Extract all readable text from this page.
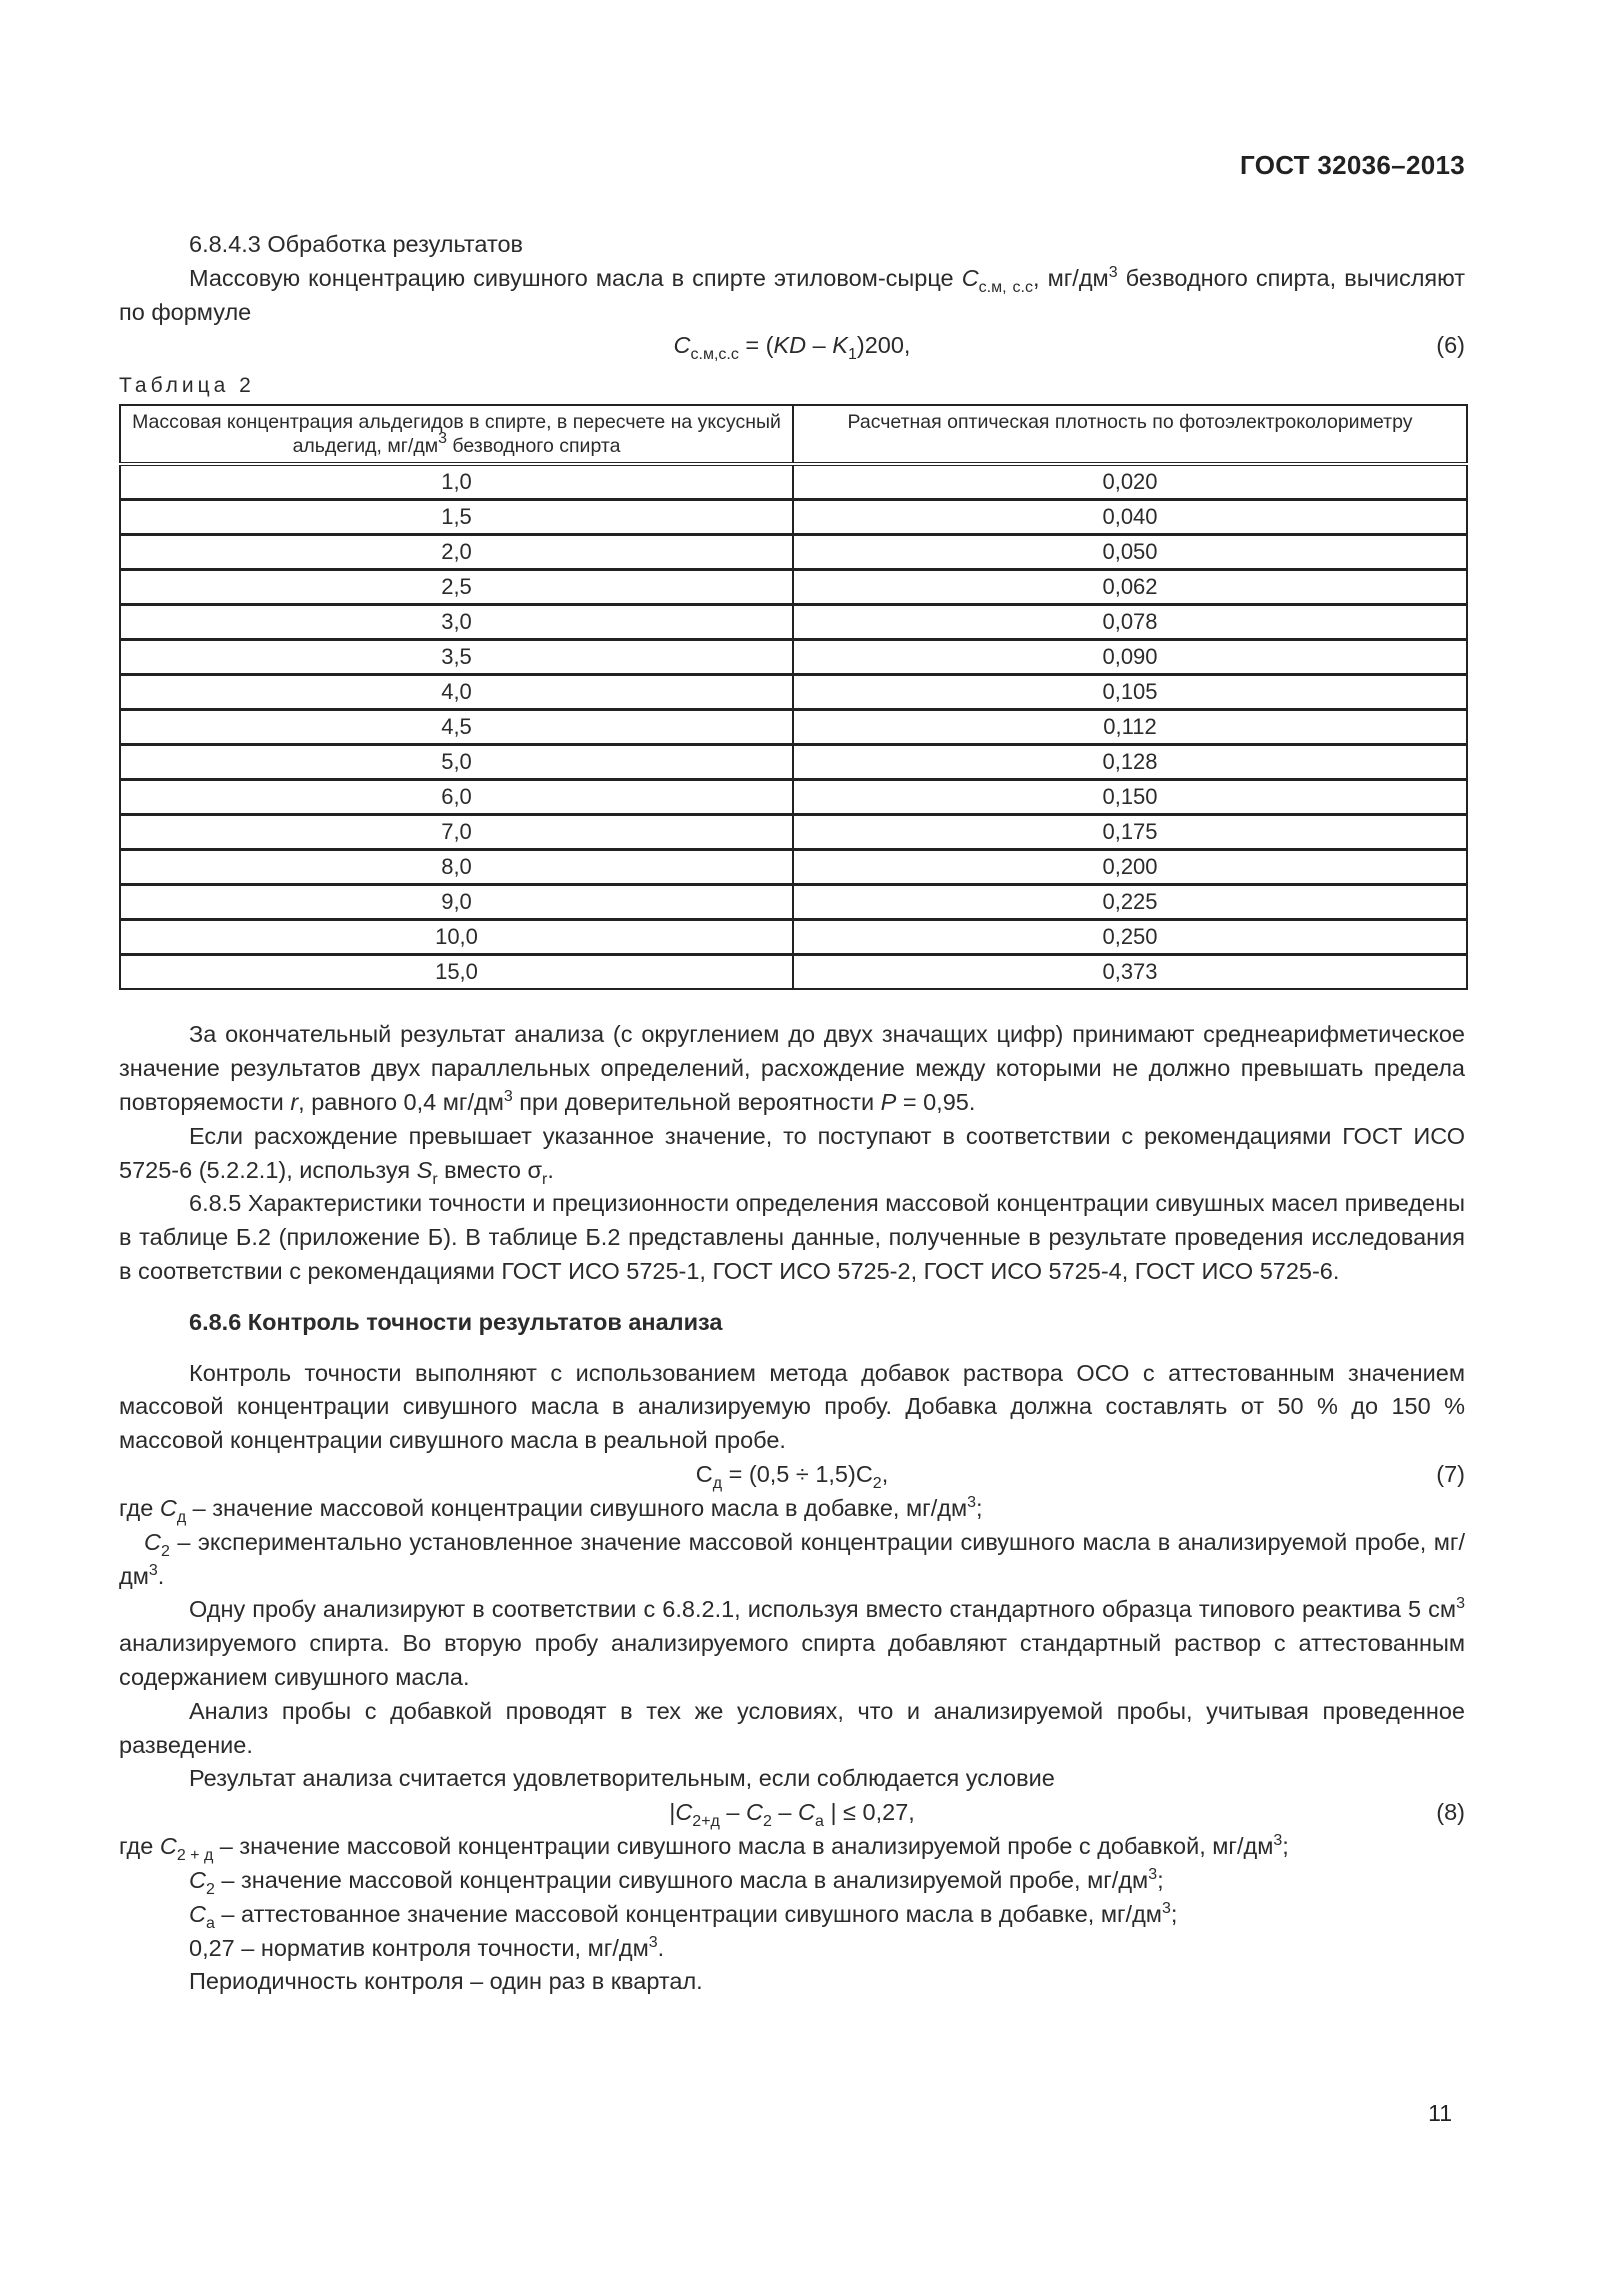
ГОСТ 32036–2013

6.8.4.3 Обработка результатов

Массовую концентрацию сивушного масла в спирте этиловом-сырце $C_{с.м, с.с}$, $мг/дм^3$ безводного спирта, вычисляют по формуле

$C_{с.м,с.с} = (KD - K_1)200$,	(6)
Таблица 2
Массовая концентрация альдегидов в спирте, в пересчете на уксусный альдегид, $мг/дм^3$ безводного спирта	Расчетная оптическая плотность по фотоэлектроколориметру
1,0	0,020
1,5	0,040
2,0	0,050
2,5	0,062
3,0	0,078
3,5	0,090
4,0	0,105
4,5	0,112
5,0	0,128
6,0	0,150
7,0	0,175
8,0	0,200
9,0	0,225
10,0	0,250
15,0	0,373

За окончательный результат анализа (с округлением до двух значащих цифр) принимают среднеарифметическое значение результатов двух параллельных определений, расхождение между которыми не должно превышать предела повторяемости r, равного 0,4 $мг/дм^3$ при доверительной вероятности P = 0,95.

Если расхождение превышает указанное значение, то поступают в соответствии с рекомендациями ГОСТ ИСО 5725-6 (5.2.2.1), используя $S_r$ вместо $\sigma_r$.

6.8.5 Характеристики точности и прецизионности определения массовой концентрации сивушных масел приведены в таблице Б.2 (приложение Б). В таблице Б.2 представлены данные, полученные в результате проведения исследования в соответствии с рекомендациями ГОСТ ИСО 5725-1, ГОСТ ИСО 5725-2, ГОСТ ИСО 5725-4, ГОСТ ИСО 5725-6.

6.8.6 Контроль точности результатов анализа

Контроль точности выполняют с использованием метода добавок раствора ОСО с аттестованным значением массовой концентрации сивушного масла в анализируемую пробу. Добавка должна составлять от 50 % до 150 % массовой концентрации сивушного масла в реальной пробе.

$C_д = (0,5 \div 1,5)C_2$,	(7)

где $C_д$ – значение массовой концентрации сивушного масла в добавке, $мг/дм^3$;

$C_2$ – экспериментально установленное значение массовой концентрации сивушного масла в анализируемой пробе, $мг/дм^3$.

Одну пробу анализируют в соответствии с 6.8.2.1, используя вместо стандартного образца типового реактива 5 $см^3$ анализируемого спирта. Во вторую пробу анализируемого спирта добавляют стандартный раствор с аттестованным содержанием сивушного масла.

Анализ пробы с добавкой проводят в тех же условиях, что и анализируемой пробы, учитывая проведенное разведение.

Результат анализа считается удовлетворительным, если соблюдается условие

$|C_{2+д} - C_2 - C_а$ | ≤ 0,27,	(8)

где $C_{2 + д}$ – значение массовой концентрации сивушного масла в анализируемой пробе с добавкой, $мг/дм^3$;

$C_2$ – значение массовой концентрации сивушного масла в анализируемой пробе, $мг/дм^3$;

$C_а$ – аттестованное значение массовой концентрации сивушного масла в добавке, $мг/дм^3$;

0,27 – норматив контроля точности, $мг/дм^3$.

Периодичность контроля – один раз в квартал.

11
